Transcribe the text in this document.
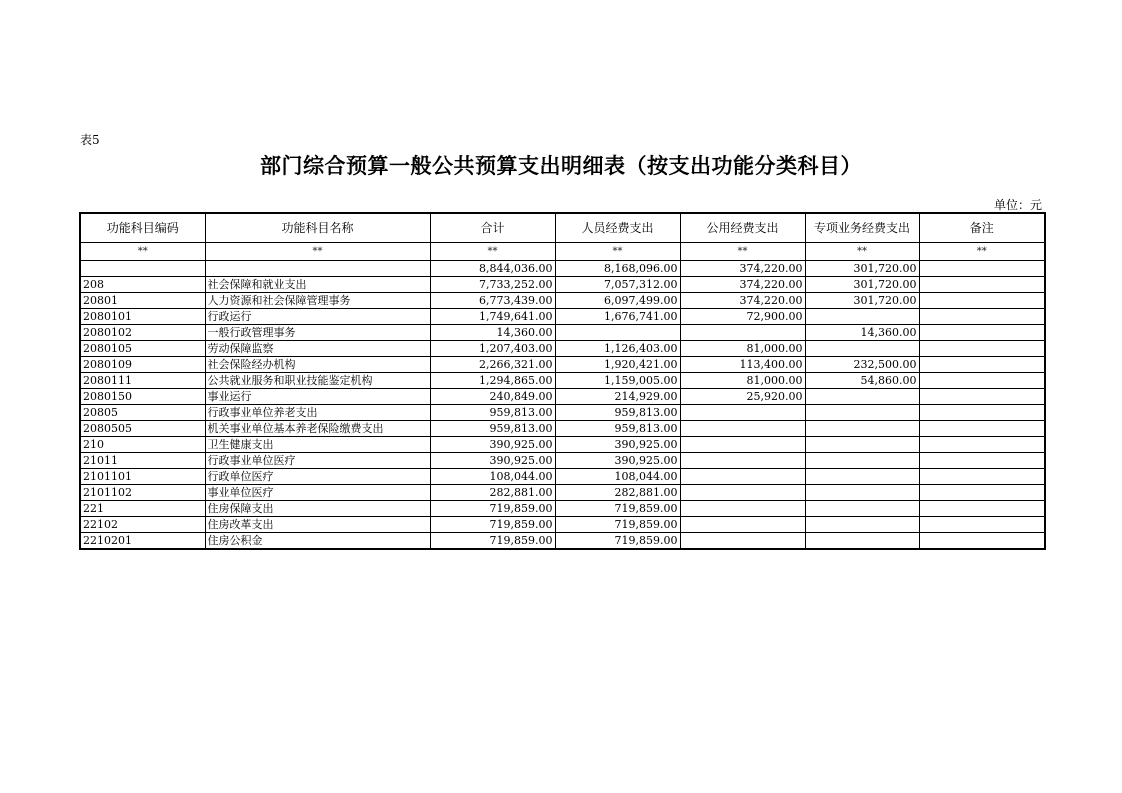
表5
部门综合预算一般公共预算支出明细表（按支出功能分类科目）
单位：元
功能科目编码	功能科目名称	合计	人员经费支出	公用经费支出	专项业务经费支出	备注
**	**	**	**	**	**	**
		8,844,036.00	8,168,096.00	374,220.00	301,720.00	
208	社会保障和就业支出	7,733,252.00	7,057,312.00	374,220.00	301,720.00	
20801	人力资源和社会保障管理事务	6,773,439.00	6,097,499.00	374,220.00	301,720.00	
2080101	行政运行	1,749,641.00	1,676,741.00	72,900.00		
2080102	一般行政管理事务	14,360.00			14,360.00	
2080105	劳动保障监察	1,207,403.00	1,126,403.00	81,000.00		
2080109	社会保险经办机构	2,266,321.00	1,920,421.00	113,400.00	232,500.00	
2080111	公共就业服务和职业技能鉴定机构	1,294,865.00	1,159,005.00	81,000.00	54,860.00	
2080150	事业运行	240,849.00	214,929.00	25,920.00		
20805	行政事业单位养老支出	959,813.00	959,813.00			
2080505	机关事业单位基本养老保险缴费支出	959,813.00	959,813.00			
210	卫生健康支出	390,925.00	390,925.00			
21011	行政事业单位医疗	390,925.00	390,925.00			
2101101	行政单位医疗	108,044.00	108,044.00			
2101102	事业单位医疗	282,881.00	282,881.00			
221	住房保障支出	719,859.00	719,859.00			
22102	住房改革支出	719,859.00	719,859.00			
2210201	住房公积金	719,859.00	719,859.00			
